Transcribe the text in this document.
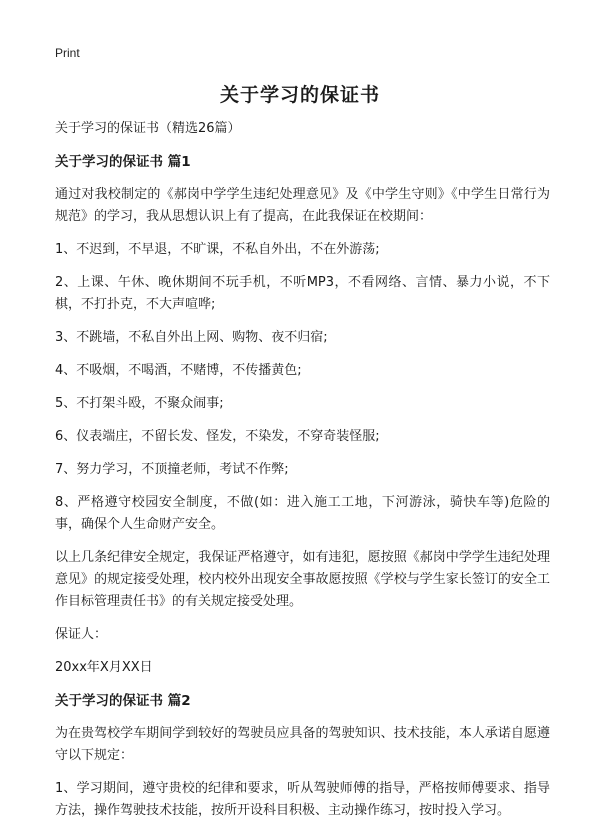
Print
关于学习的保证书

关于学习的保证书（精选26篇）

关于学习的保证书 篇1

通过对我校制定的《郝岗中学学生违纪处理意见》及《中学生守则》《中学生日常行为规范》的学习，我从思想认识上有了提高，在此我保证在校期间：

1、不迟到，不早退，不旷课，不私自外出，不在外游荡;

2、上课、午休、晚休期间不玩手机，不听MP3，不看网络、言情、暴力小说，不下棋，不打扑克，不大声喧哗;

3、不跳墙，不私自外出上网、购物、夜不归宿;

4、不吸烟，不喝酒，不赌博，不传播黄色;

5、不打架斗殴，不聚众闹事;

6、仪表端庄，不留长发、怪发，不染发，不穿奇装怪服;

7、努力学习，不顶撞老师，考试不作弊;

8、严格遵守校园安全制度，不做(如：进入施工工地，下河游泳，骑快车等)危险的事，确保个人生命财产安全。

以上几条纪律安全规定，我保证严格遵守，如有违犯，愿按照《郝岗中学学生违纪处理意见》的规定接受处理，校内校外出现安全事故愿按照《学校与学生家长签订的安全工作目标管理责任书》的有关规定接受处理。

保证人：

20xx年X月XX日

关于学习的保证书 篇2

为在贵驾校学车期间学到较好的驾驶员应具备的驾驶知识、技术技能，本人承诺自愿遵守以下规定：

1、学习期间，遵守贵校的纪律和要求，听从驾驶师傅的指导，严格按师傅要求、指导方法，操作驾驶技术技能，按所开设科目积极、主动操作练习，按时投入学习。
